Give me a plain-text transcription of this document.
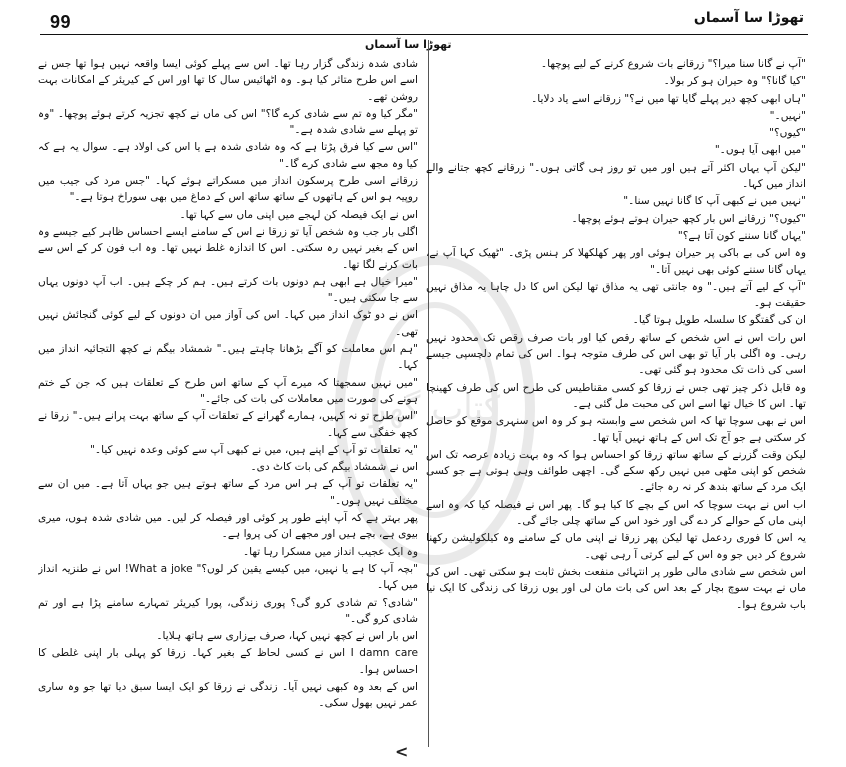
99	تھوڑا سا آسماں
تھوڑا سا آسماں

"آپ نے گانا سنا میرا؟" زرقانے بات شروع کرنے کے لیے پوچھا۔

"کیا گانا؟" وہ حیران ہو کر بولا۔

"ہاں ابھی کچھ دیر پہلے گایا تھا میں نے؟" زرقانے اسے یاد دلایا۔

"نہیں۔"

"کیوں؟"

"میں ابھی آیا ہوں۔"

"لیکن آپ یہاں اکثر آتے ہیں اور میں تو روز ہی گاتی ہوں۔" زرقانے کچھ جتانے والے انداز میں کہا۔

"نہیں میں نے کبھی آپ کا گانا نہیں سنا۔"

"کیوں؟" زرقانے اس بار کچھ حیران ہوتے ہوئے پوچھا۔

"یہاں گانا سننے کون آتا ہے؟"

وہ اس کی بے باکی پر حیران ہوئی اور پھر کھلکھلا کر ہنس پڑی۔ "ٹھیک کہا آپ نے، یہاں گانا سننے کوئی بھی نہیں آتا۔"

"آپ کے لیے آتے ہیں۔" وہ جانتی تھی یہ مذاق تھا لیکن اس کا دل چاہا یہ مذاق نہیں حقیقت ہو۔

ان کی گفتگو کا سلسلہ طویل ہوتا گیا۔

اس رات اس نے اس شخص کے ساتھ رقص کیا اور بات صرف رقص تک محدود نہیں رہی۔ وہ اگلی بار آیا تو بھی اس کی طرف متوجہ ہوا۔ اس کی تمام دلچسپی جیسے اسی کی ذات تک محدود ہو گئی تھی۔

وہ قابل ذکر چیز تھی جس نے زرقا کو کسی مقناطیس کی طرح اس کی طرف کھینچا تھا۔ اس کا خیال تھا اسے اس کی محبت مل گئی ہے۔

اس نے بھی سوچا تھا کہ اس شخص سے وابستہ ہو کر وہ اس سنہری موقع کو حاصل کر سکتی ہے جو آج تک اس کے ہاتھ نہیں آیا تھا۔

لیکن وقت گزرنے کے ساتھ ساتھ زرقا کو احساس ہوا کہ وہ بہت زیادہ عرصہ تک اس شخص کو اپنی مٹھی میں نہیں رکھ سکے گی۔ اچھی طوائف وہی ہوتی ہے جو کسی ایک مرد کے ساتھ بندھ کر نہ رہ جائے۔

اب اس نے بہت سوچا کہ اس کے بچے کا کیا ہو گا۔ پھر اس نے فیصلہ کیا کہ وہ اسے اپنی ماں کے حوالے کر دے گی اور خود اس کے ساتھ چلی جائے گی۔

یہ اس کا فوری ردعمل تھا لیکن پھر زرقا نے اپنی ماں کے سامنے وہ کیلکولیشن رکھنا شروع کر دیں جو وہ اس کے لیے کرتی آ رہی تھی۔

اس شخص سے شادی مالی طور پر انتہائی منفعت بخش ثابت ہو سکتی تھی۔ اس کی ماں نے بہت سوچ بچار کے بعد اس کی بات مان لی اور یوں زرقا کی زندگی کا ایک نیا باب شروع ہوا۔

شادی شدہ زندگی گزار رہا تھا۔ اس سے پہلے کوئی ایسا واقعہ نہیں ہوا تھا جس نے اسے اس طرح متاثر کیا ہو۔ وہ اٹھائیس سال کا تھا اور اس کے کیریئر کے امکانات بہت روشن تھے۔

"مگر کیا وہ تم سے شادی کرے گا؟" اس کی ماں نے کچھ تجزیہ کرتے ہوئے پوچھا۔ "وہ تو پہلے سے شادی شدہ ہے۔"

"اس سے کیا فرق پڑتا ہے کہ وہ شادی شدہ ہے یا اس کی اولاد ہے۔ سوال یہ ہے کہ کیا وہ مجھ سے شادی کرے گا۔"

زرقانے اسی طرح پرسکون انداز میں مسکراتے ہوئے کہا۔ "جس مرد کی جیب میں روپیہ ہو اس کے ہاتھوں کے ساتھ ساتھ اس کے دماغ میں بھی سوراخ ہوتا ہے۔"

اس نے ایک فیصلہ کن لہجے میں اپنی ماں سے کہا تھا۔

اگلی بار جب وہ شخص آیا تو زرقا نے اس کے سامنے ایسے احساس ظاہر کیے جیسے وہ اس کے بغیر نہیں رہ سکتی۔ اس کا اندازہ غلط نہیں تھا۔ وہ اب فون کر کے اس سے بات کرنے لگا تھا۔

"میرا خیال ہے ابھی ہم دونوں بات کرتے ہیں۔ ہم کر چکے ہیں۔ اب آپ دونوں یہاں سے جا سکتی ہیں۔"

اس نے دو ٹوک انداز میں کہا۔ اس کی آواز میں ان دونوں کے لیے کوئی گنجائش نہیں تھی۔

"ہم اس معاملت کو آگے بڑھانا چاہتے ہیں۔" شمشاد بیگم نے کچھ التجائیہ انداز میں کہا۔

"میں نہیں سمجھتا کہ میرے آپ کے ساتھ اس طرح کے تعلقات ہیں کہ جن کے ختم ہونے کی صورت میں معاملات کی بات کی جائے۔"

"اس طرح تو نہ کہیں، ہمارے گھرانے کے تعلقات آپ کے ساتھ بہت پرانے ہیں۔" زرقا نے کچھ خفگی سے کہا۔

"یہ تعلقات تو آپ کے اپنے ہیں، میں نے کبھی آپ سے کوئی وعدہ نہیں کیا۔"

اس نے شمشاد بیگم کی بات کاٹ دی۔

"یہ تعلقات تو آپ کے ہر اس مرد کے ساتھ ہوتے ہیں جو یہاں آتا ہے۔ میں ان سے مختلف نہیں ہوں۔"

پھر بہتر ہے کہ آپ اپنے طور پر کوئی اور فیصلہ کر لیں۔ میں شادی شدہ ہوں، میری بیوی ہے، بچے ہیں اور مجھے ان کی پروا ہے۔

وہ ایک عجیب انداز میں مسکرا رہا تھا۔

"بچہ آپ کا ہے یا نہیں، میں کیسے یقین کر لوں؟" What a joke! اس نے طنزیہ انداز میں کہا۔

"شادی؟ تم شادی کرو گی؟ پوری زندگی، پورا کیریئر تمہارے سامنے پڑا ہے اور تم شادی کرو گی۔"

اس بار اس نے کچھ نہیں کہا، صرف بےزاری سے ہاتھ ہلایا۔

I damn care اس نے کسی لحاظ کے بغیر کہا۔ زرقا کو پہلی بار اپنی غلطی کا احساس ہوا۔

اس کے بعد وہ کبھی نہیں آیا۔ زندگی نے زرقا کو ایک ایسا سبق دیا تھا جو وہ ساری عمر نہیں بھول سکی۔

کتاب گھر
<
